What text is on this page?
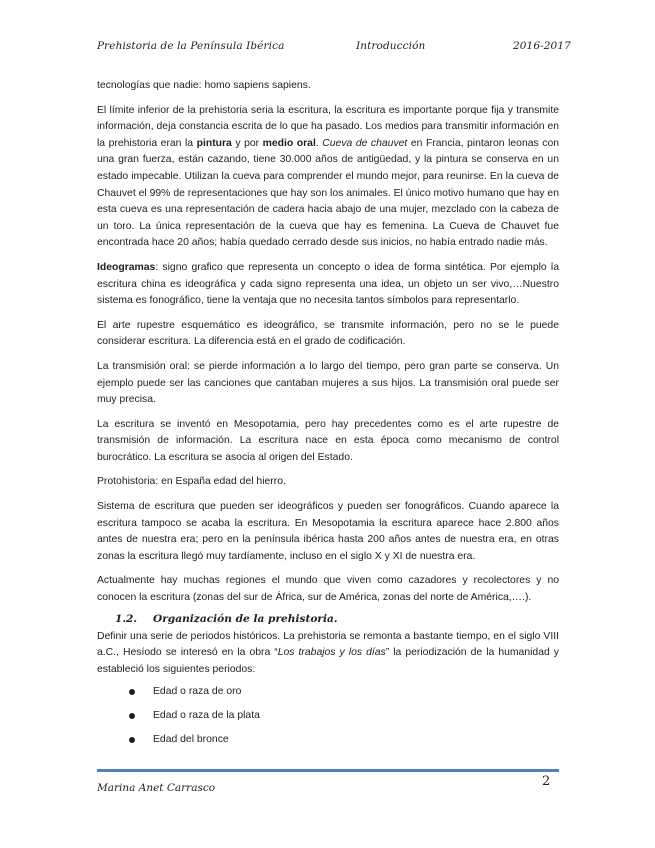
Prehistoria de la Península Ibérica	Introducción	2016-2017

tecnologías que nadie: homo sapiens sapiens.

El límite inferior de la prehistoria seria la escritura, la escritura es importante porque fija y transmite información, deja constancia escrita de lo que ha pasado. Los medios para transmitir información en la prehistoria eran la pintura y por medio oral. Cueva de chauvet en Francia, pintaron leonas con una gran fuerza, están cazando, tiene 30.000 años de antigüedad, y la pintura se conserva en un estado impecable. Utilizan la cueva para comprender el mundo mejor, para reunirse. En la cueva de Chauvet el 99% de representaciones que hay son los animales. El único motivo humano que hay en esta cueva es una representación de cadera hacia abajo de una mujer, mezclado con la cabeza de un toro. La única representación de la cueva que hay es femenina. La Cueva de Chauvet fue encontrada hace 20 años; había quedado cerrado desde sus inicios, no había entrado nadie más.

Ideogramas: signo grafico que representa un concepto o idea de forma sintética. Por ejemplo la escritura china es ideográfica y cada signo representa una idea, un objeto un ser vivo,…Nuestro sistema es fonográfico, tiene la ventaja que no necesita tantos símbolos para representarlo.

El arte rupestre esquemático es ideográfico, se transmite información, pero no se le puede considerar escritura. La diferencia está en el grado de codificación.

La transmisión oral: se pierde información a lo largo del tiempo, pero gran parte se conserva. Un ejemplo puede ser las canciones que cantaban mujeres a sus hijos. La transmisión oral puede ser muy precisa.

La escritura se inventó en Mesopotamia, pero hay precedentes como es el arte rupestre de transmisión de información. La escritura nace en esta época como mecanismo de control burocrático. La escritura se asocia al origen del Estado.

Protohistoria: en España edad del hierro.

Sistema de escritura que pueden ser ideográficos y pueden ser fonográficos. Cuando aparece la escritura tampoco se acaba la escritura. En Mesopotamia la escritura aparece hace 2.800 años antes de nuestra era; pero en la península ibérica hasta 200 años antes de nuestra era, en otras zonas la escritura llegó muy tardíamente, incluso en el siglo X y XI de nuestra era.

Actualmente hay muchas regiones el mundo que viven como cazadores y recolectores y no conocen la escritura (zonas del sur de África, sur de América, zonas del norte de América,….).

1.2. Organización de la prehistoria.

Definir una serie de periodos históricos. La prehistoria se remonta a bastante tiempo, en el siglo VIII a.C., Hesíodo se interesó en la obra “Los trabajos y los días” la periodización de la humanidad y estableció los siguientes periodos:

Edad o raza de oro
Edad o raza de la plata
Edad del bronce
Marina Anet Carrasco	2
